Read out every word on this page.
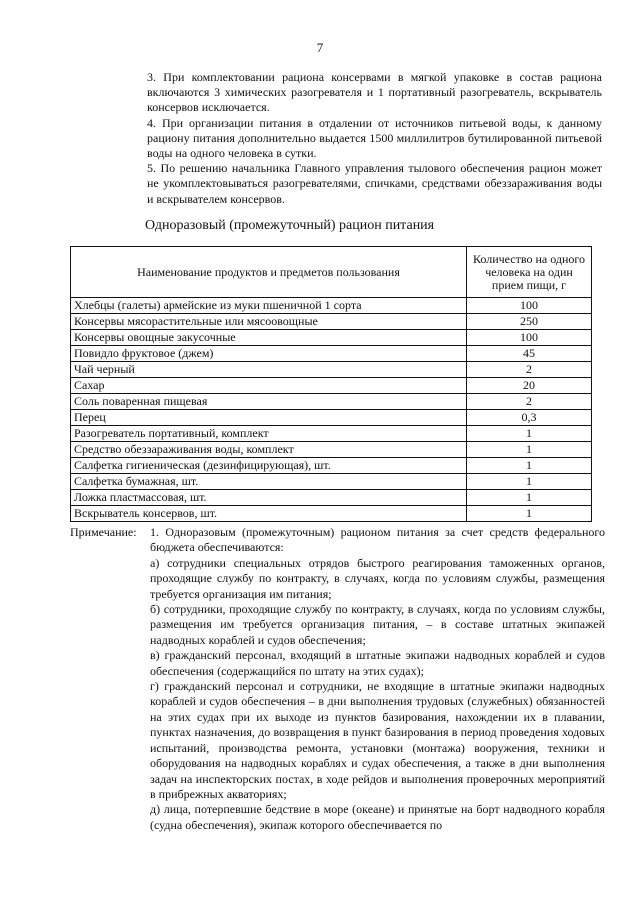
7

3. При комплектовании рациона консервами в мягкой упаковке в состав рациона включаются 3 химических разогревателя и 1 портативный разогреватель, вскрыватель консервов исключается.

4. При организации питания в отдалении от источников питьевой воды, к данному рациону питания дополнительно выдается 1500 миллилитров бутилированной питьевой воды на одного человека в сутки.

5. По решению начальника Главного управления тылового обеспечения рацион может не укомплектовываться разогревателями, спичками, средствами обеззараживания воды и вскрывателем консервов.

Одноразовый (промежуточный) рацион питания
Наименование продуктов и предметов пользования	Количество на одного человека на один прием пищи, г
Хлебцы (галеты) армейские из муки пшеничной 1 сорта	100
Консервы мясорастительные или мясоовощные	250
Консервы овощные закусочные	100
Повидло фруктовое (джем)	45
Чай черный	2
Сахар	20
Соль поваренная пищевая	2
Перец	0,3
Разогреватель портативный, комплект	1
Средство обеззараживания воды, комплект	1
Салфетка гигиеническая (дезинфицирующая), шт.	1
Салфетка бумажная, шт.	1
Ложка пластмассовая, шт.	1
Вскрыватель консервов, шт.	1
Примечание: 1. Одноразовым (промежуточным) рационом питания за счет средств федерального бюджета обеспечиваются:

а) сотрудники специальных отрядов быстрого реагирования таможенных органов, проходящие службу по контракту, в случаях, когда по условиям службы, размещения требуется организация им питания;

б) сотрудники, проходящие службу по контракту, в случаях, когда по условиям службы, размещения им требуется организация питания, – в составе штатных экипажей надводных кораблей и судов обеспечения;

в) гражданский персонал, входящий в штатные экипажи надводных кораблей и судов обеспечения (содержащийся по штату на этих судах);

г) гражданский персонал и сотрудники, не входящие в штатные экипажи надводных кораблей и судов обеспечения – в дни выполнения трудовых (служебных) обязанностей на этих судах при их выходе из пунктов базирования, нахождении их в плавании, пунктах назначения, до возвращения в пункт базирования в период проведения ходовых испытаний, производства ремонта, установки (монтажа) вооружения, техники и оборудования на надводных кораблях и судах обеспечения, а также в дни выполнения задач на инспекторских постах, в ходе рейдов и выполнения проверочных мероприятий в прибрежных акваториях;

д) лица, потерпевшие бедствие в море (океане) и принятые на борт надводного корабля (судна обеспечения), экипаж которого обеспечивается по
